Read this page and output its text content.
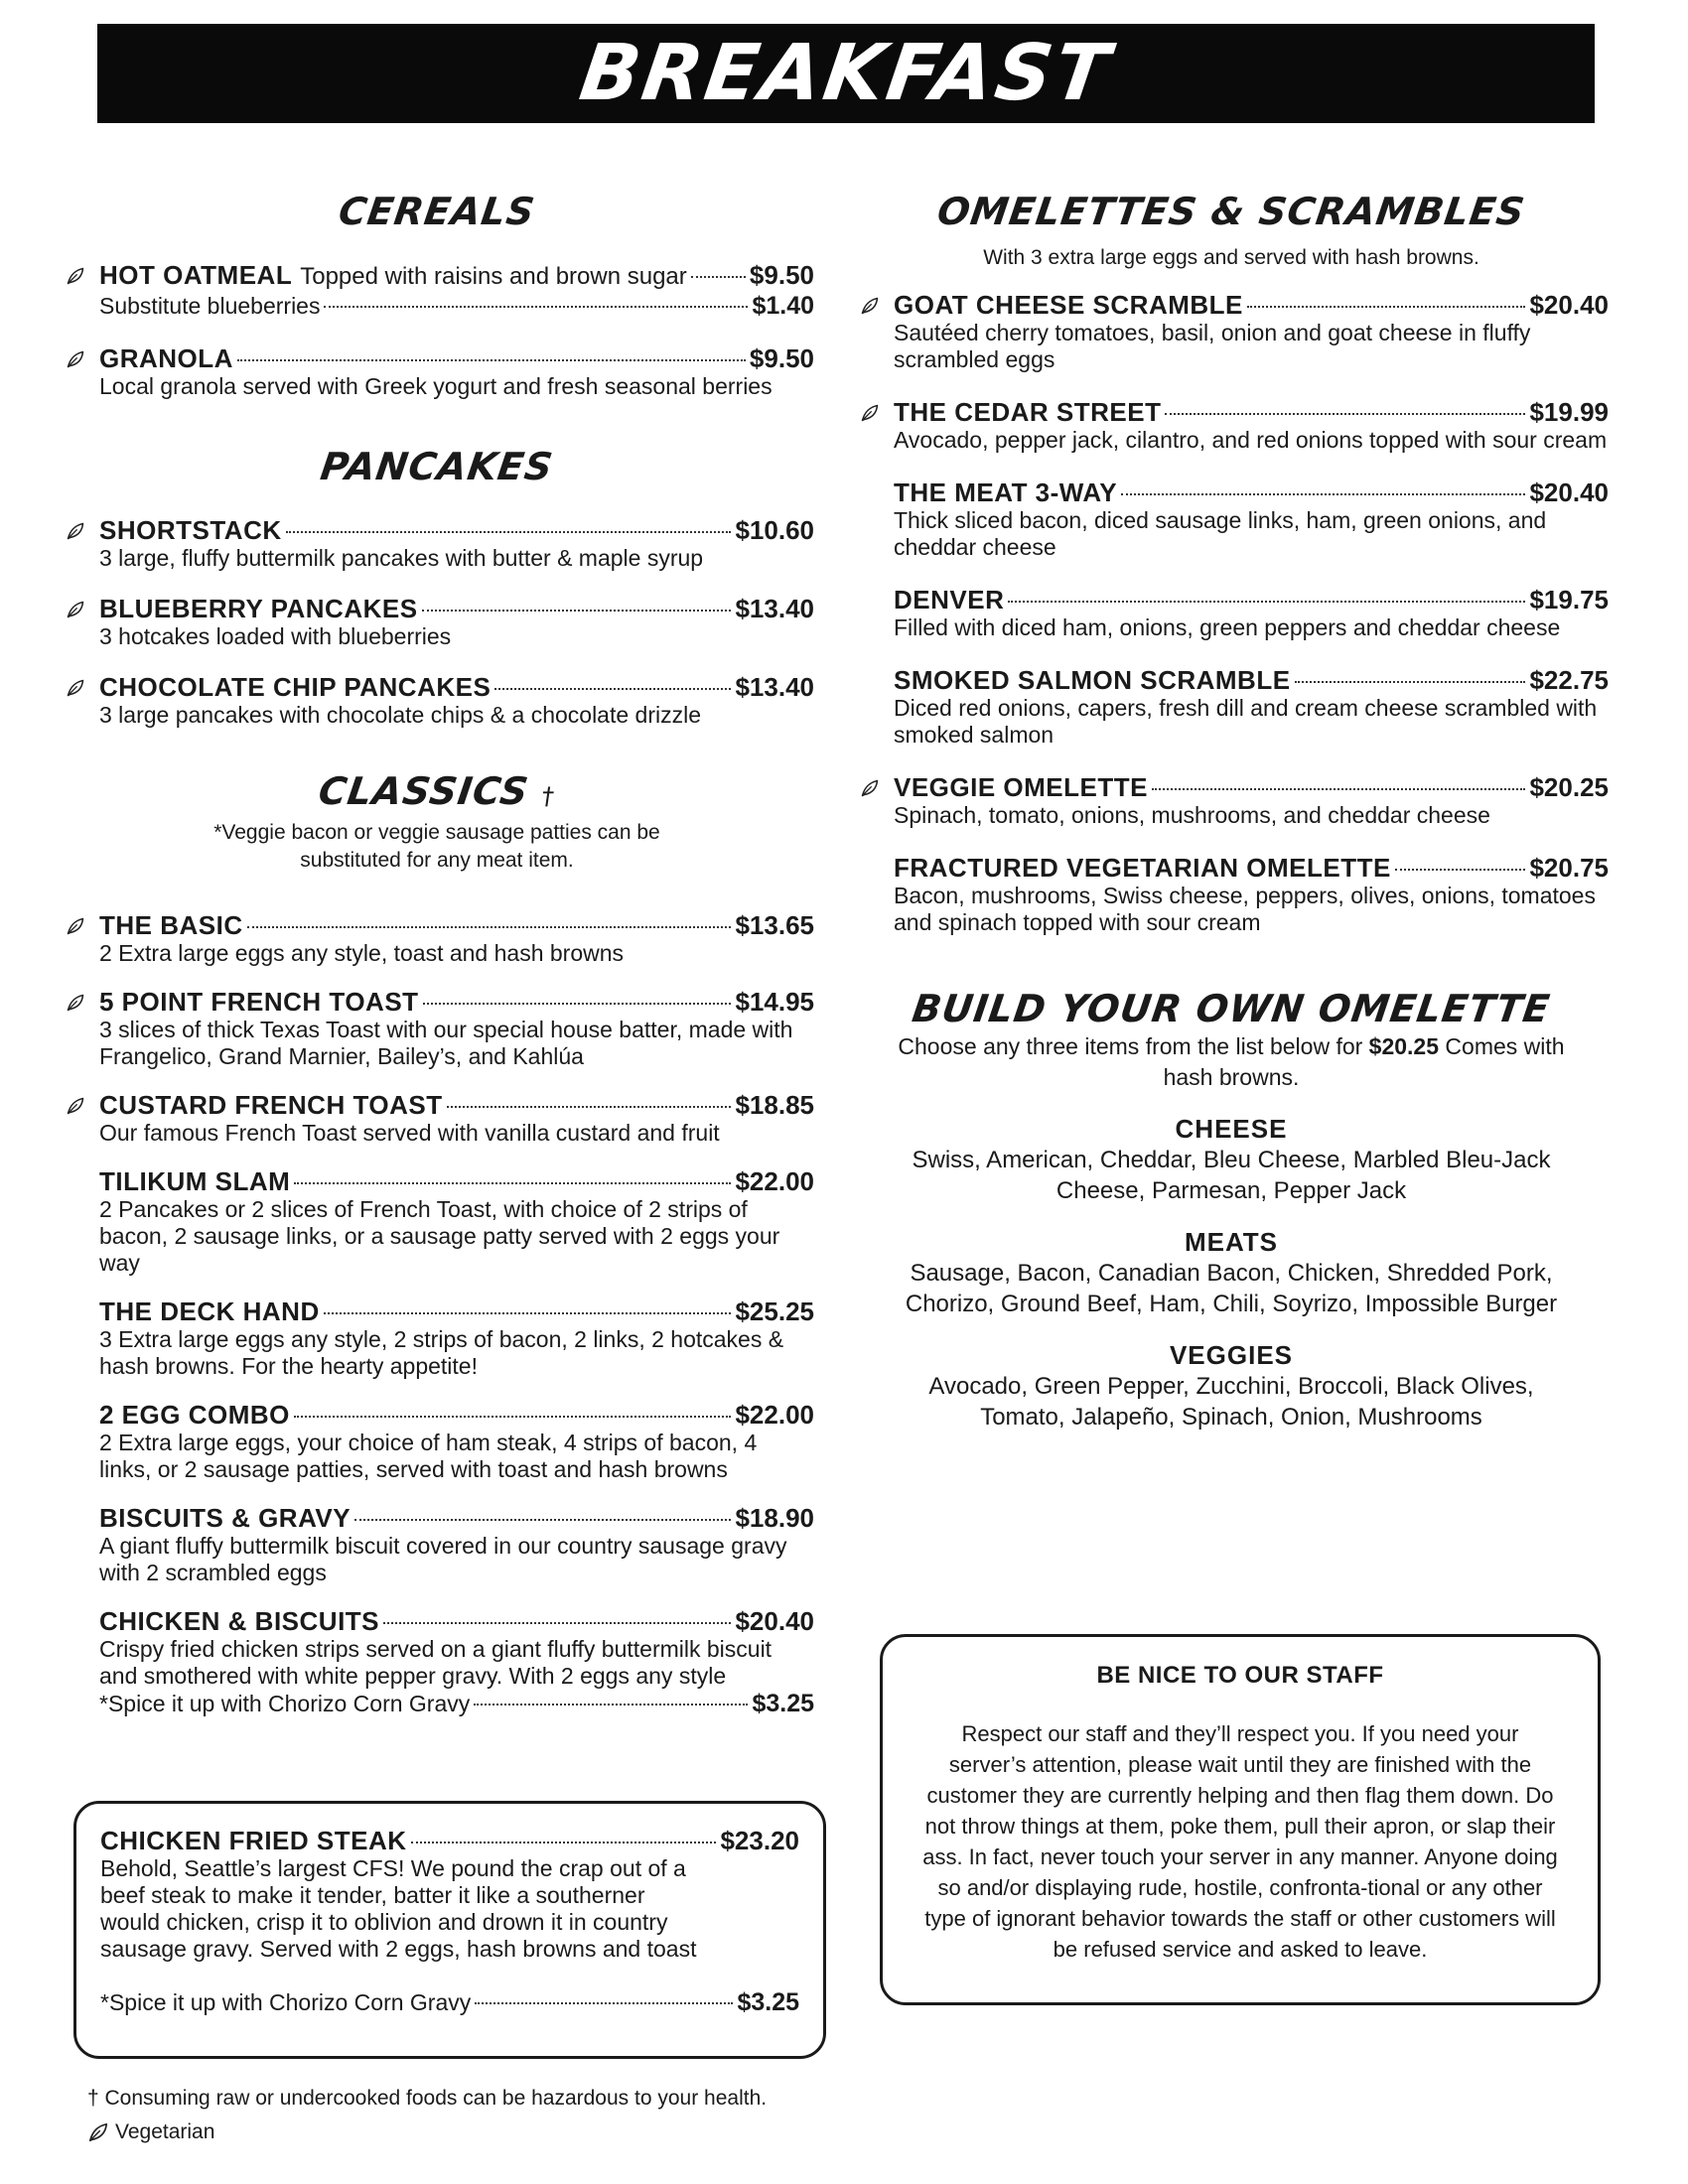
BREAKFAST
CEREALS
HOT OATMEAL Topped with raisins and brown sugar $9.50
Substitute blueberries	$1.40
GRANOLA	$9.50
Local granola served with Greek yogurt and fresh seasonal berries
PANCAKES
SHORTSTACK	$10.60
3 large, fluffy buttermilk pancakes with butter & maple syrup
BLUEBERRY PANCAKES	$13.40
3 hotcakes loaded with blueberries
CHOCOLATE CHIP PANCAKES	$13.40
3 large pancakes with chocolate chips & a chocolate drizzle
CLASSICS †
*Veggie bacon or veggie sausage patties can be substituted for any meat item.
THE BASIC	$13.65
2 Extra large eggs any style, toast and hash browns
5 POINT FRENCH TOAST	$14.95
3 slices of thick Texas Toast with our special house batter, made with Frangelico, Grand Marnier, Bailey’s, and Kahlúa
CUSTARD FRENCH TOAST	$18.85
Our famous French Toast served with vanilla custard and fruit
TILIKUM SLAM	$22.00
2 Pancakes or 2 slices of French Toast, with choice of 2 strips of bacon, 2 sausage links, or a sausage patty served with 2 eggs your way
THE DECK HAND	$25.25
3 Extra large eggs any style, 2 strips of bacon, 2 links, 2 hotcakes & hash browns. For the hearty appetite!
2 EGG COMBO	$22.00
2 Extra large eggs, your choice of ham steak, 4 strips of bacon, 4 links, or 2 sausage patties, served with toast and hash browns
BISCUITS & GRAVY	$18.90
A giant fluffy buttermilk biscuit covered in our country sausage gravy with 2 scrambled eggs
CHICKEN & BISCUITS	$20.40
Crispy fried chicken strips served on a giant fluffy buttermilk biscuit and smothered with white pepper gravy. With 2 eggs any style
*Spice it up with Chorizo Corn Gravy	$3.25
CHICKEN FRIED STEAK	$23.20
Behold, Seattle’s largest CFS! We pound the crap out of a beef steak to make it tender, batter it like a southerner would chicken, crisp it to oblivion and drown it in country sausage gravy. Served with 2 eggs, hash browns and toast
*Spice it up with Chorizo Corn Gravy	$3.25
† Consuming raw or undercooked foods can be hazardous to your health.
Vegetarian
OMELETTES & SCRAMBLES
With 3 extra large eggs and served with hash browns.
GOAT CHEESE SCRAMBLE	$20.40
Sautéed cherry tomatoes, basil, onion and goat cheese in fluffy scrambled eggs
THE CEDAR STREET	$19.99
Avocado, pepper jack, cilantro, and red onions topped with sour cream
THE MEAT 3-WAY	$20.40
Thick sliced bacon, diced sausage links, ham, green onions, and cheddar cheese
DENVER	$19.75
Filled with diced ham, onions, green peppers and cheddar cheese
SMOKED SALMON SCRAMBLE	$22.75
Diced red onions, capers, fresh dill and cream cheese scrambled with smoked salmon
VEGGIE OMELETTE	$20.25
Spinach, tomato, onions, mushrooms, and cheddar cheese
FRACTURED VEGETARIAN OMELETTE	$20.75
Bacon, mushrooms, Swiss cheese, peppers, olives, onions, tomatoes and spinach topped with sour cream
BUILD YOUR OWN OMELETTE
Choose any three items from the list below for $20.25 Comes with hash browns.
CHEESE
Swiss, American, Cheddar, Bleu Cheese, Marbled Bleu-Jack Cheese, Parmesan, Pepper Jack
MEATS
Sausage, Bacon, Canadian Bacon, Chicken, Shredded Pork, Chorizo, Ground Beef, Ham, Chili, Soyrizo, Impossible Burger
VEGGIES
Avocado, Green Pepper, Zucchini, Broccoli, Black Olives, Tomato, Jalapeño, Spinach, Onion, Mushrooms
BE NICE TO OUR STAFF
Respect our staff and they’ll respect you. If you need your server’s attention, please wait until they are finished with the customer they are currently helping and then flag them down. Do not throw things at them, poke them, pull their apron, or slap their ass. In fact, never touch your server in any manner. Anyone doing so and/or displaying rude, hostile, confronta-tional or any other type of ignorant behavior towards the staff or other customers will be refused service and asked to leave.
